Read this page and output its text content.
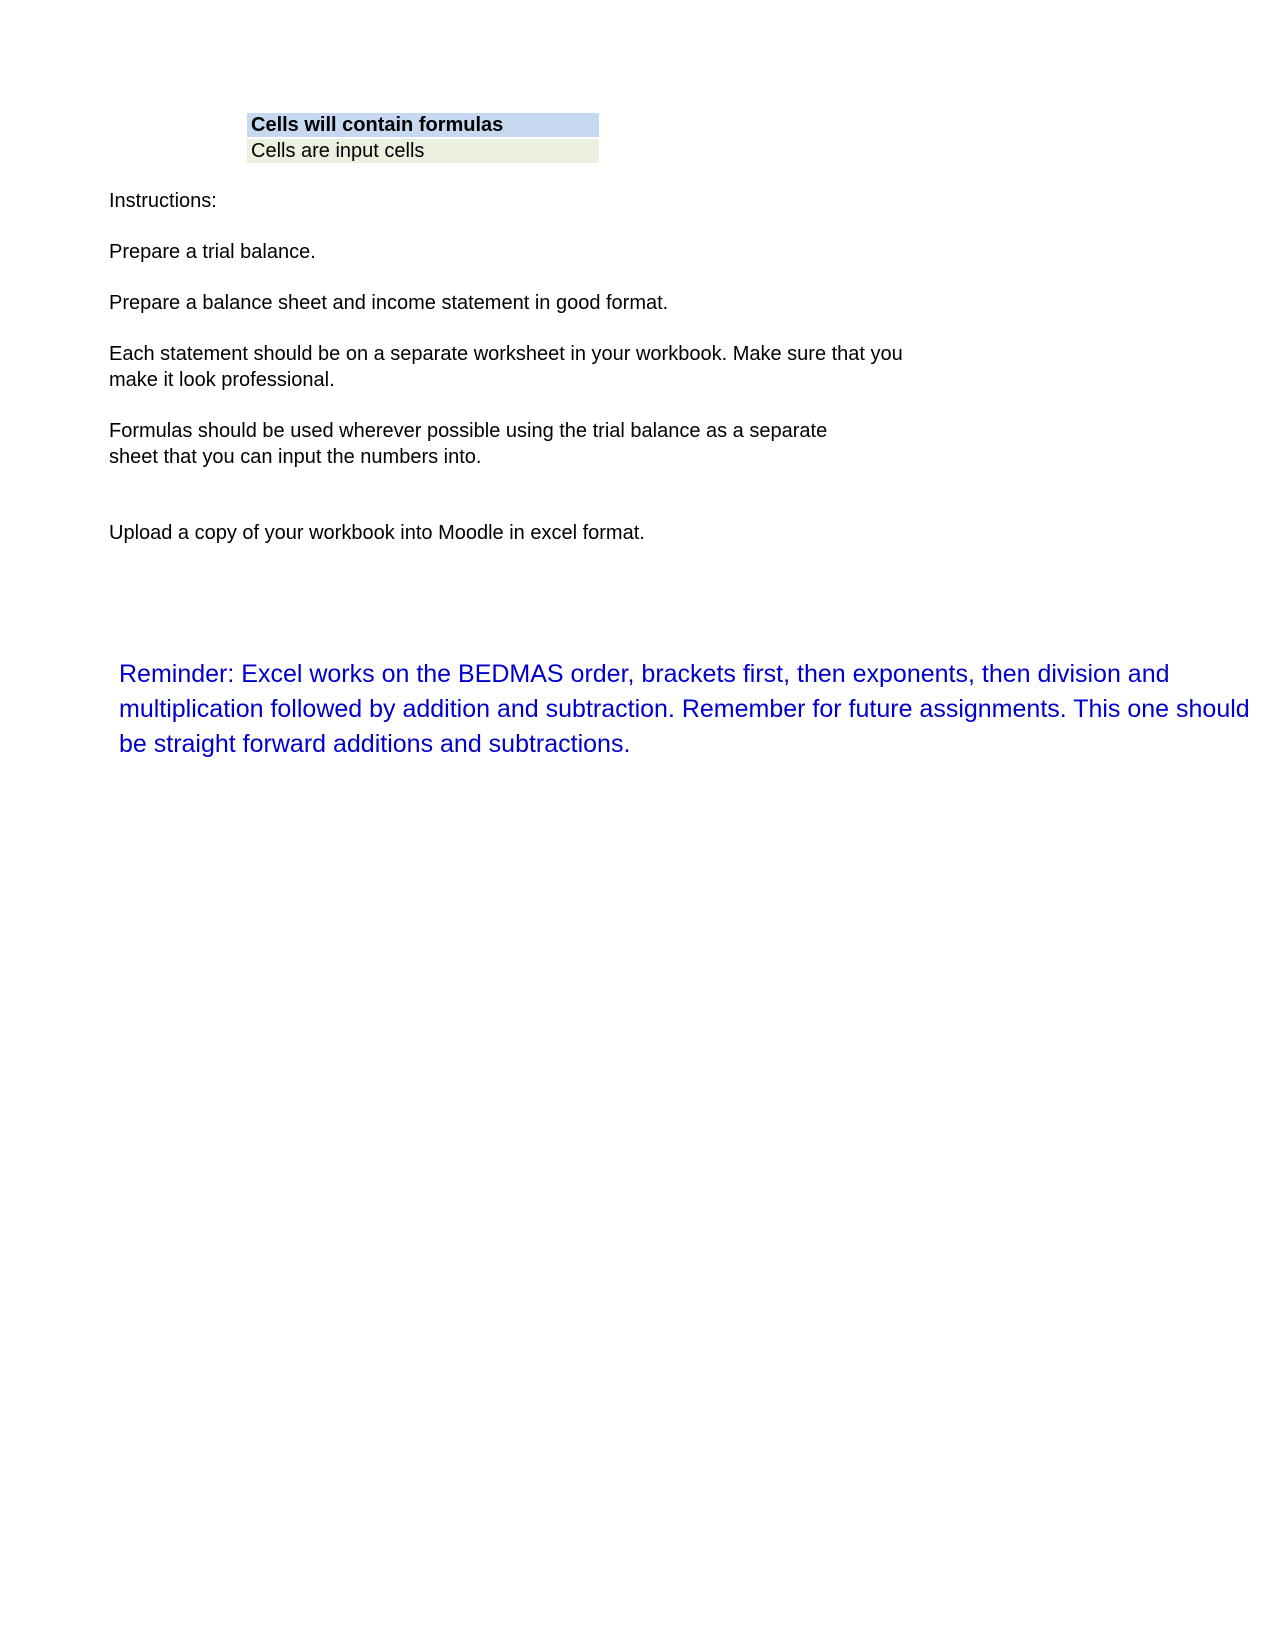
Cells will contain formulas
Cells are input cells
Instructions:
Prepare a trial balance.
Prepare a balance sheet and income statement in good format.
Each statement should be on a separate worksheet in your workbook. Make sure that you
make it look professional.
Formulas should be used wherever possible using the trial balance as a separate
sheet that you can input the numbers into.
Upload a copy of your workbook into Moodle in excel format.
Reminder: Excel works on the BEDMAS order, brackets first, then exponents, then division and
multiplication followed by addition and subtraction. Remember for future assignments. This one should
be straight forward additions and subtractions.
